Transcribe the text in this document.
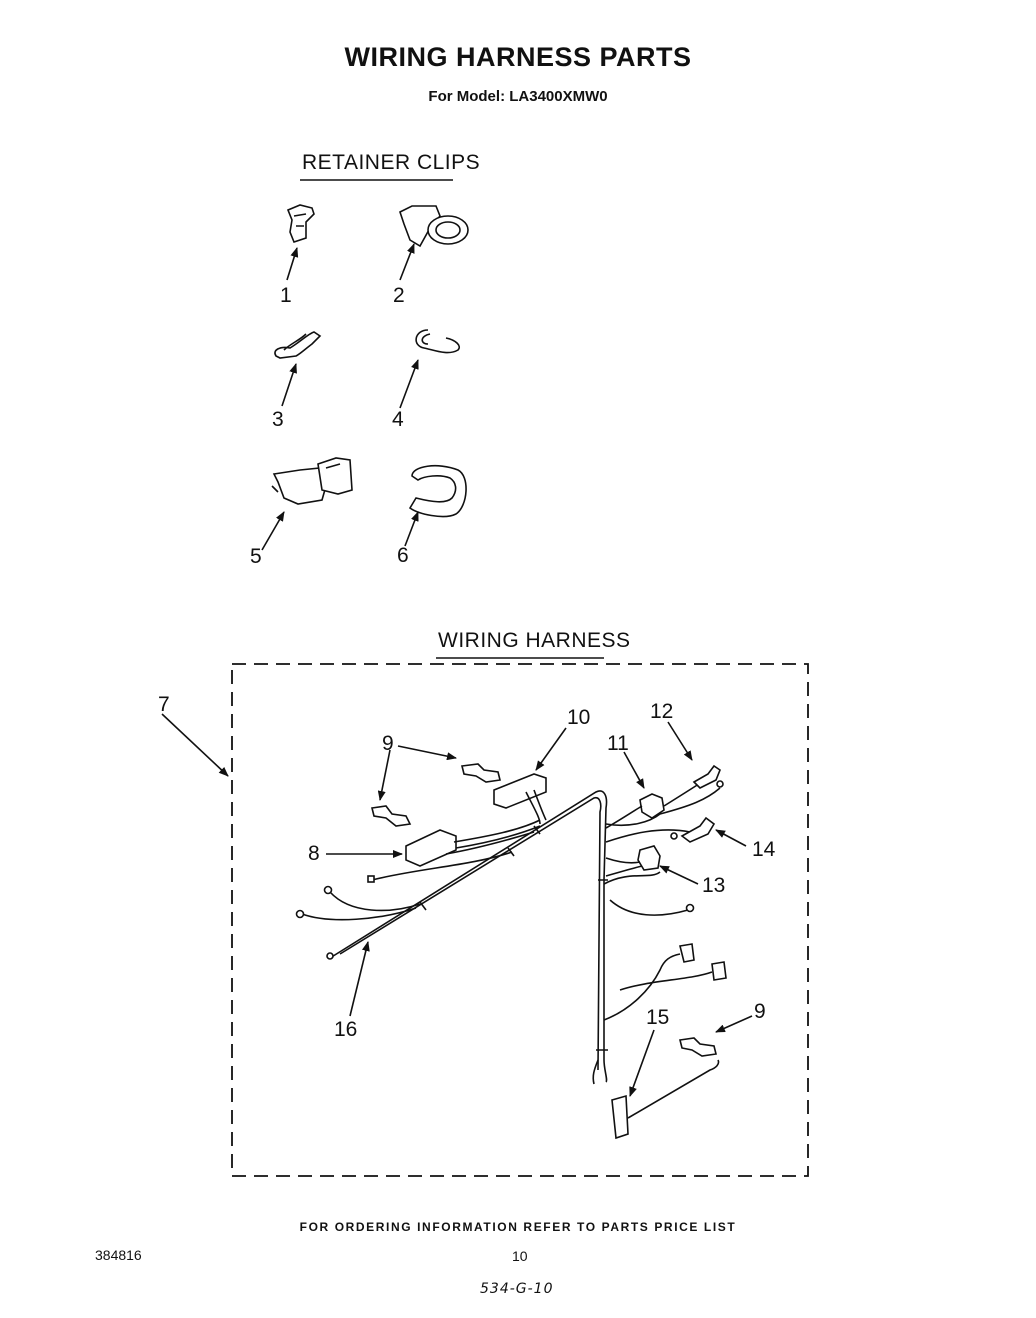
WIRING HARNESS PARTS
For Model: LA3400XMW0
RETAINER CLIPS
WIRING HARNESS
1	2
3	4
5	6
7
8
9
10
11
12
13
14
15
16
9
FOR ORDERING INFORMATION REFER TO PARTS PRICE LIST
384816	10
534-G-10
